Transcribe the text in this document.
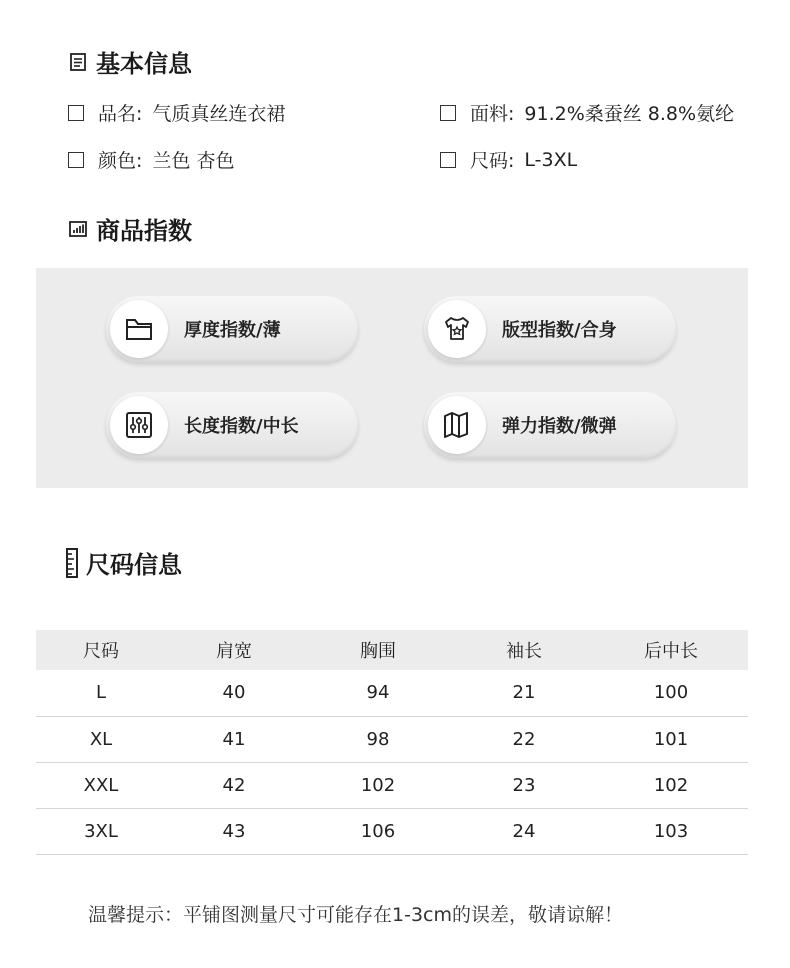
基本信息
品名: 气质真丝连衣裙	面料: 91.2%桑蚕丝 8.8%氨纶
颜色: 兰色 杏色	尺码: L-3XL
商品指数
厚度指数/薄	版型指数/合身
长度指数/中长	弹力指数/微弹
尺码信息
尺码	肩宽	胸围	袖长	后中长
L	40	94	21	100
XL	41	98	22	101
XXL	42	102	23	102
3XL	43	106	24	103
温馨提示：平铺图测量尺寸可能存在1-3cm的误差，敬请谅解！
